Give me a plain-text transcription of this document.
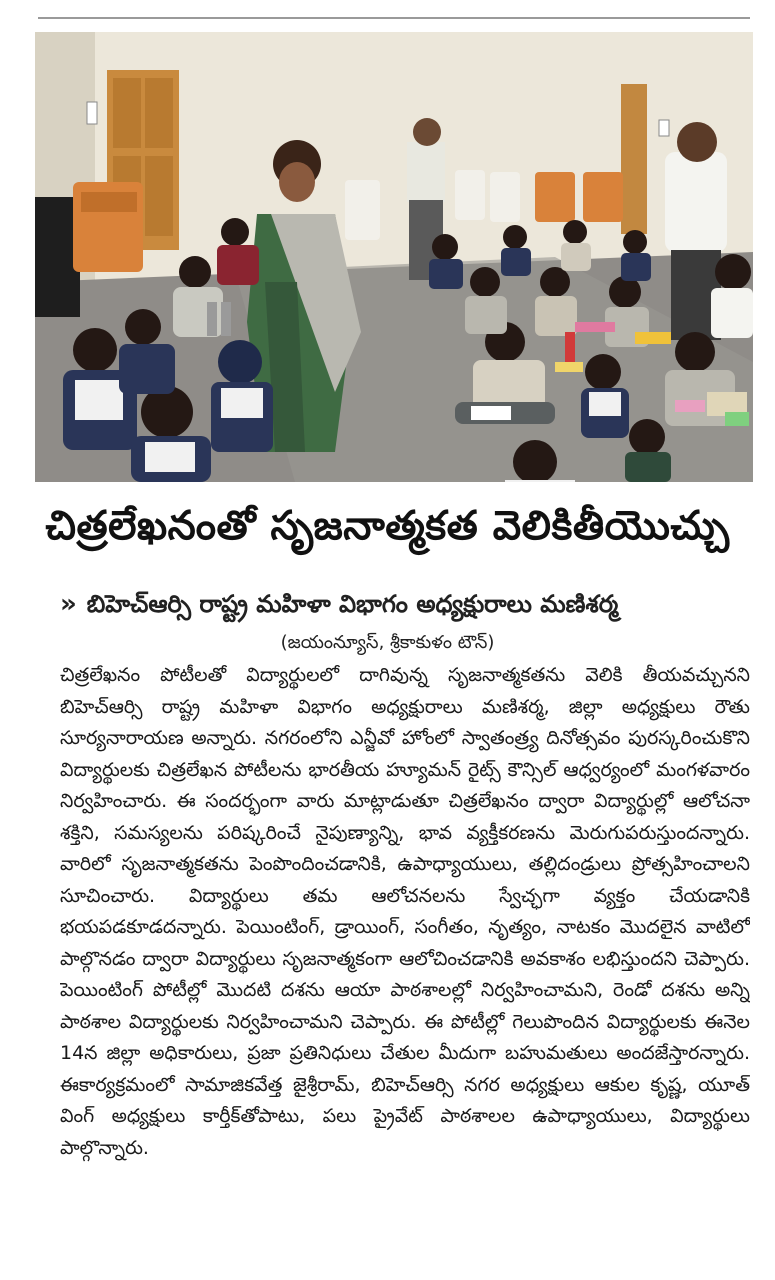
చిత్రలేఖనంతో సృజనాత్మకత వెలికితీయొచ్చు
» బిహెచ్ఆర్సి రాష్ట్ర మహిళా విభాగం అధ్యక్షురాలు మణిశర్మ
(జయంన్యూస్, శ్రీకాకుళం టౌన్)
చిత్రలేఖనం పోటీలతో విద్యార్థులలో దాగివున్న సృజనాత్మకతను వెలికి తీయవచ్చునని బిహెచ్ఆర్సి రాష్ట్ర మహిళా విభాగం అధ్యక్షురాలు మణిశర్మ, జిల్లా అధ్యక్షులు రౌతు సూర్యనారాయణ అన్నారు. నగరంలోని ఎన్జీవో హోంలో స్వాతంత్ర్య దినోత్సవం పురస్కరించుకొని విద్యార్థులకు చిత్రలేఖన పోటీలను భారతీయ హ్యూమన్ రైట్స్ కౌన్సిల్ ఆధ్వర్యంలో మంగళవారం నిర్వహించారు. ఈ సందర్భంగా వారు మాట్లాడుతూ చిత్రలేఖనం ద్వారా విద్యార్థుల్లో ఆలోచనా శక్తిని, సమస్యలను పరిష్కరించే నైపుణ్యాన్ని, భావ వ్యక్తీకరణను మెరుగుపరుస్తుందన్నారు. వారిలో సృజనాత్మకతను పెంపొందించడానికి, ఉపాధ్యాయులు, తల్లిదండ్రులు ప్రోత్సహించాలని సూచించారు. విద్యార్థులు తమ ఆలోచనలను స్వేచ్ఛగా వ్యక్తం చేయడానికి భయపడకూడదన్నారు. పెయింటింగ్, డ్రాయింగ్, సంగీతం, నృత్యం, నాటకం మొదలైన వాటిలో పాల్గొనడం ద్వారా విద్యార్థులు సృజనాత్మకంగా ఆలోచించడానికి అవకాశం లభిస్తుందని చెప్పారు. పెయింటింగ్ పోటీల్లో మొదటి దశను ఆయా పాఠశాలల్లో నిర్వహించామని, రెండో దశను అన్ని పాఠశాల విద్యార్థులకు నిర్వహించామని చెప్పారు. ఈ పోటీల్లో గెలుపొందిన విద్యార్థులకు ఈనెల 14న జిల్లా అధికారులు, ప్రజా ప్రతినిధులు చేతుల మీదుగా బహుమతులు అందజేస్తారన్నారు. ఈకార్యక్రమంలో సామాజికవేత్త జైశ్రీరామ్, బిహెచ్ఆర్సి నగర అధ్యక్షులు ఆకుల కృష్ణ, యూత్ వింగ్ అధ్యక్షులు కార్తీక్‌తోపాటు, పలు ప్రైవేట్ పాఠశాలల ఉపాధ్యాయులు, విద్యార్థులు పాల్గొన్నారు.
